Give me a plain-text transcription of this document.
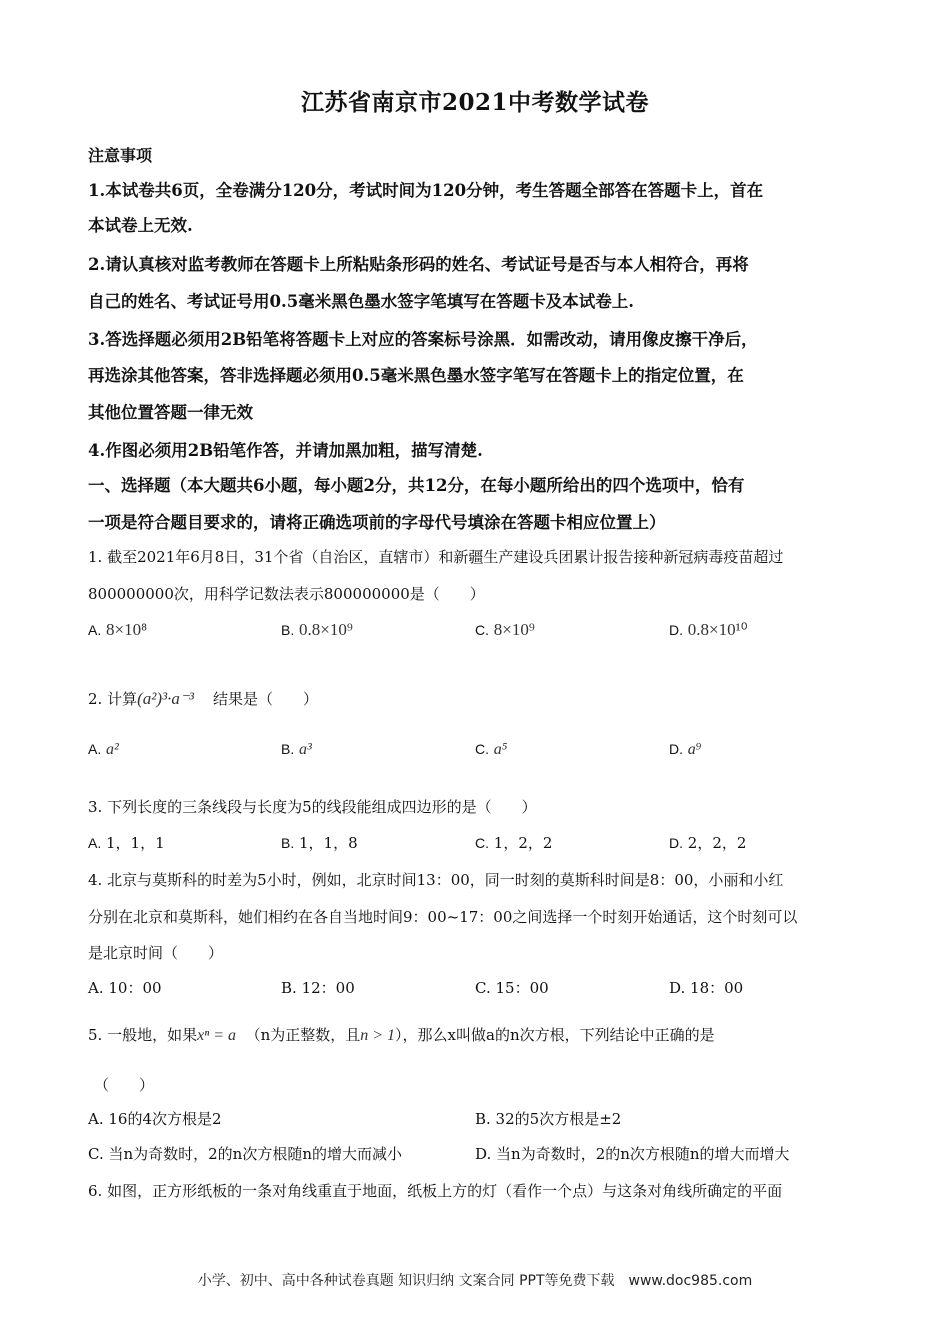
江苏省南京市2021中考数学试卷
注意事项
1.本试卷共6页，全卷满分120分，考试时间为120分钟，考生答题全部答在答题卡上，首在
本试卷上无效.
2.请认真核对监考教师在答题卡上所粘贴条形码的姓名、考试证号是否与本人相符合，再将
自己的姓名、考试证号用0.5毫米黑色墨水签字笔填写在答题卡及本试卷上.
3.答选择题必须用2B铅笔将答题卡上对应的答案标号涂黑．如需改动，请用像皮擦干净后，
再选涂其他答案，答非选择题必须用0.5毫米黑色墨水签字笔写在答题卡上的指定位置，在
其他位置答题一律无效
4.作图必须用2B铅笔作答，并请加黑加粗，描写清楚.
一、选择题（本大题共6小题，每小题2分，共12分，在每小题所给出的四个选项中，恰有
一项是符合题目要求的，请将正确选项前的字母代号填涂在答题卡相应位置上）
1. 截至2021年6月8日，31个省（自治区，直辖市）和新疆生产建设兵团累计报告接种新冠病毒疫苗超过
800000000次，用科学记数法表示800000000是（　　）
A. 8×10⁸	B. 0.8×10⁹	C. 8×10⁹	D. 0.8×10¹⁰
2. 计算(a²)³·a⁻³ 结果是（　　）
A. a²	B. a³	C. a⁵	D. a⁹
3. 下列长度的三条线段与长度为5的线段能组成四边形的是（　　）
A. 1，1，1	B. 1，1，8	C. 1，2，2	D. 2，2，2
4. 北京与莫斯科的时差为5小时，例如，北京时间13：00，同一时刻的莫斯科时间是8：00，小丽和小红
分别在北京和莫斯科，她们相约在各自当地时间9：00~17：00之间选择一个时刻开始通话，这个时刻可以
是北京时间（　　）
A. 10：00	B. 12：00	C. 15：00	D. 18：00
5. 一般地，如果xⁿ = a （n为正整数，且n > 1），那么x叫做a的n次方根，下列结论中正确的是
（　　）
A. 16的4次方根是2	B. 32的5次方根是±2
C. 当n为奇数时，2的n次方根随n的增大而减小	D. 当n为奇数时，2的n次方根随n的增大而增大
6. 如图，正方形纸板的一条对角线重直于地面，纸板上方的灯（看作一个点）与这条对角线所确定的平面
小学、初中、高中各种试卷真题 知识归纳 文案合同 PPT等免费下载　www.doc985.com
